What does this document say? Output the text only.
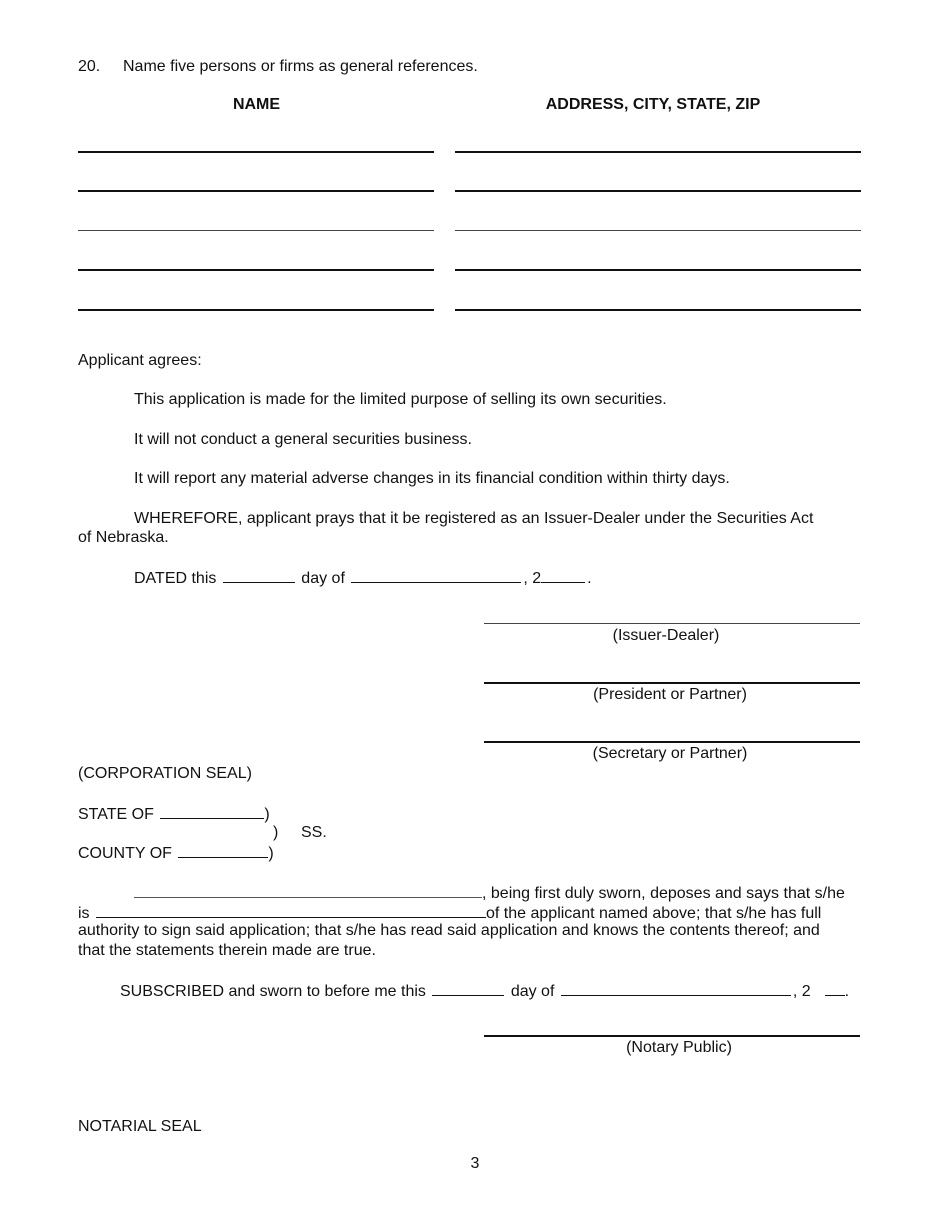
20. Name five persons or firms as general references.
NAME	ADDRESS, CITY, STATE, ZIP
Applicant agrees:
This application is made for the limited purpose of selling its own securities.
It will not conduct a general securities business.
It will report any material adverse changes in its financial condition within thirty days.
WHEREFORE, applicant prays that it be registered as an Issuer-Dealer under the Securities Act
of Nebraska.
DATED this	day of	, 2	.
(Issuer-Dealer)
(President or Partner)
(Secretary or Partner)
(CORPORATION SEAL)
STATE OF	)
) SS.
COUNTY OF	)
, being first duly sworn, deposes and says that s/he
is	of the applicant named above; that s/he has full
authority to sign said application; that s/he has read said application and knows the contents thereof; and
that the statements therein made are true.
SUBSCRIBED and sworn to before me this	day of	, 2 .
(Notary Public)
NOTARIAL SEAL
3
